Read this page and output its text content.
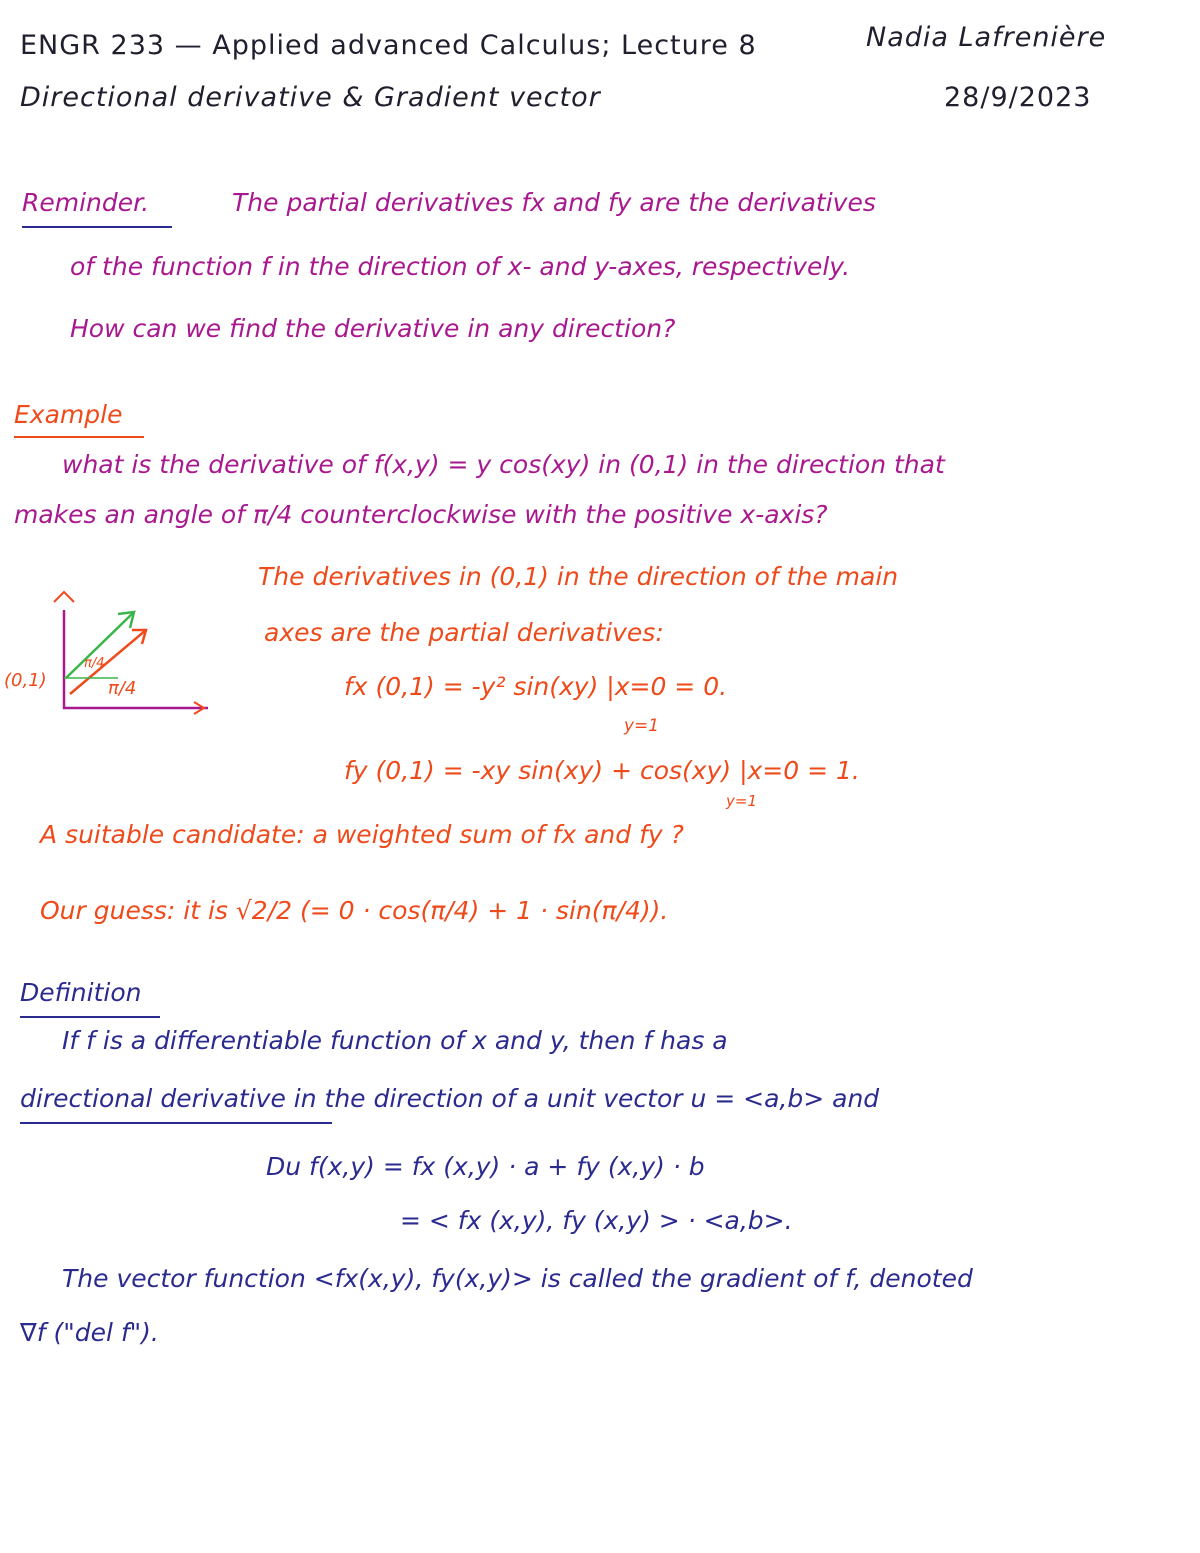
ENGR 233 — Applied advanced Calculus; Lecture 8
Directional derivative & Gradient vector
Nadia Lafrenière
28/9/2023
Reminder.	The partial derivatives fx and fy are the derivatives
of the function f in the direction of x- and y-axes, respectively.
How can we find the derivative in any direction?
Example
what is the derivative of f(x,y) = y cos(xy) in (0,1) in the direction that
makes an angle of π/4 counterclockwise with the positive x-axis?
(0,1)
π/4
π/4
The derivatives in (0,1) in the direction of the main
axes are the partial derivatives:
fx (0,1) = -y² sin(xy) |x=0 = 0.
y=1
fy (0,1) = -xy sin(xy) + cos(xy) |x=0 = 1.
y=1
A suitable candidate: a weighted sum of fx and fy ?
Our guess: it is √2/2 (= 0 · cos(π/4) + 1 · sin(π/4)).
Definition
If f is a differentiable function of x and y, then f has a
directional derivative in the direction of a unit vector u = <a,b> and
Du f(x,y) = fx (x,y) · a + fy (x,y) · b
= < fx (x,y), fy (x,y) > · <a,b>.
The vector function <fx(x,y), fy(x,y)> is called the gradient of f, denoted
∇f ("del f").
